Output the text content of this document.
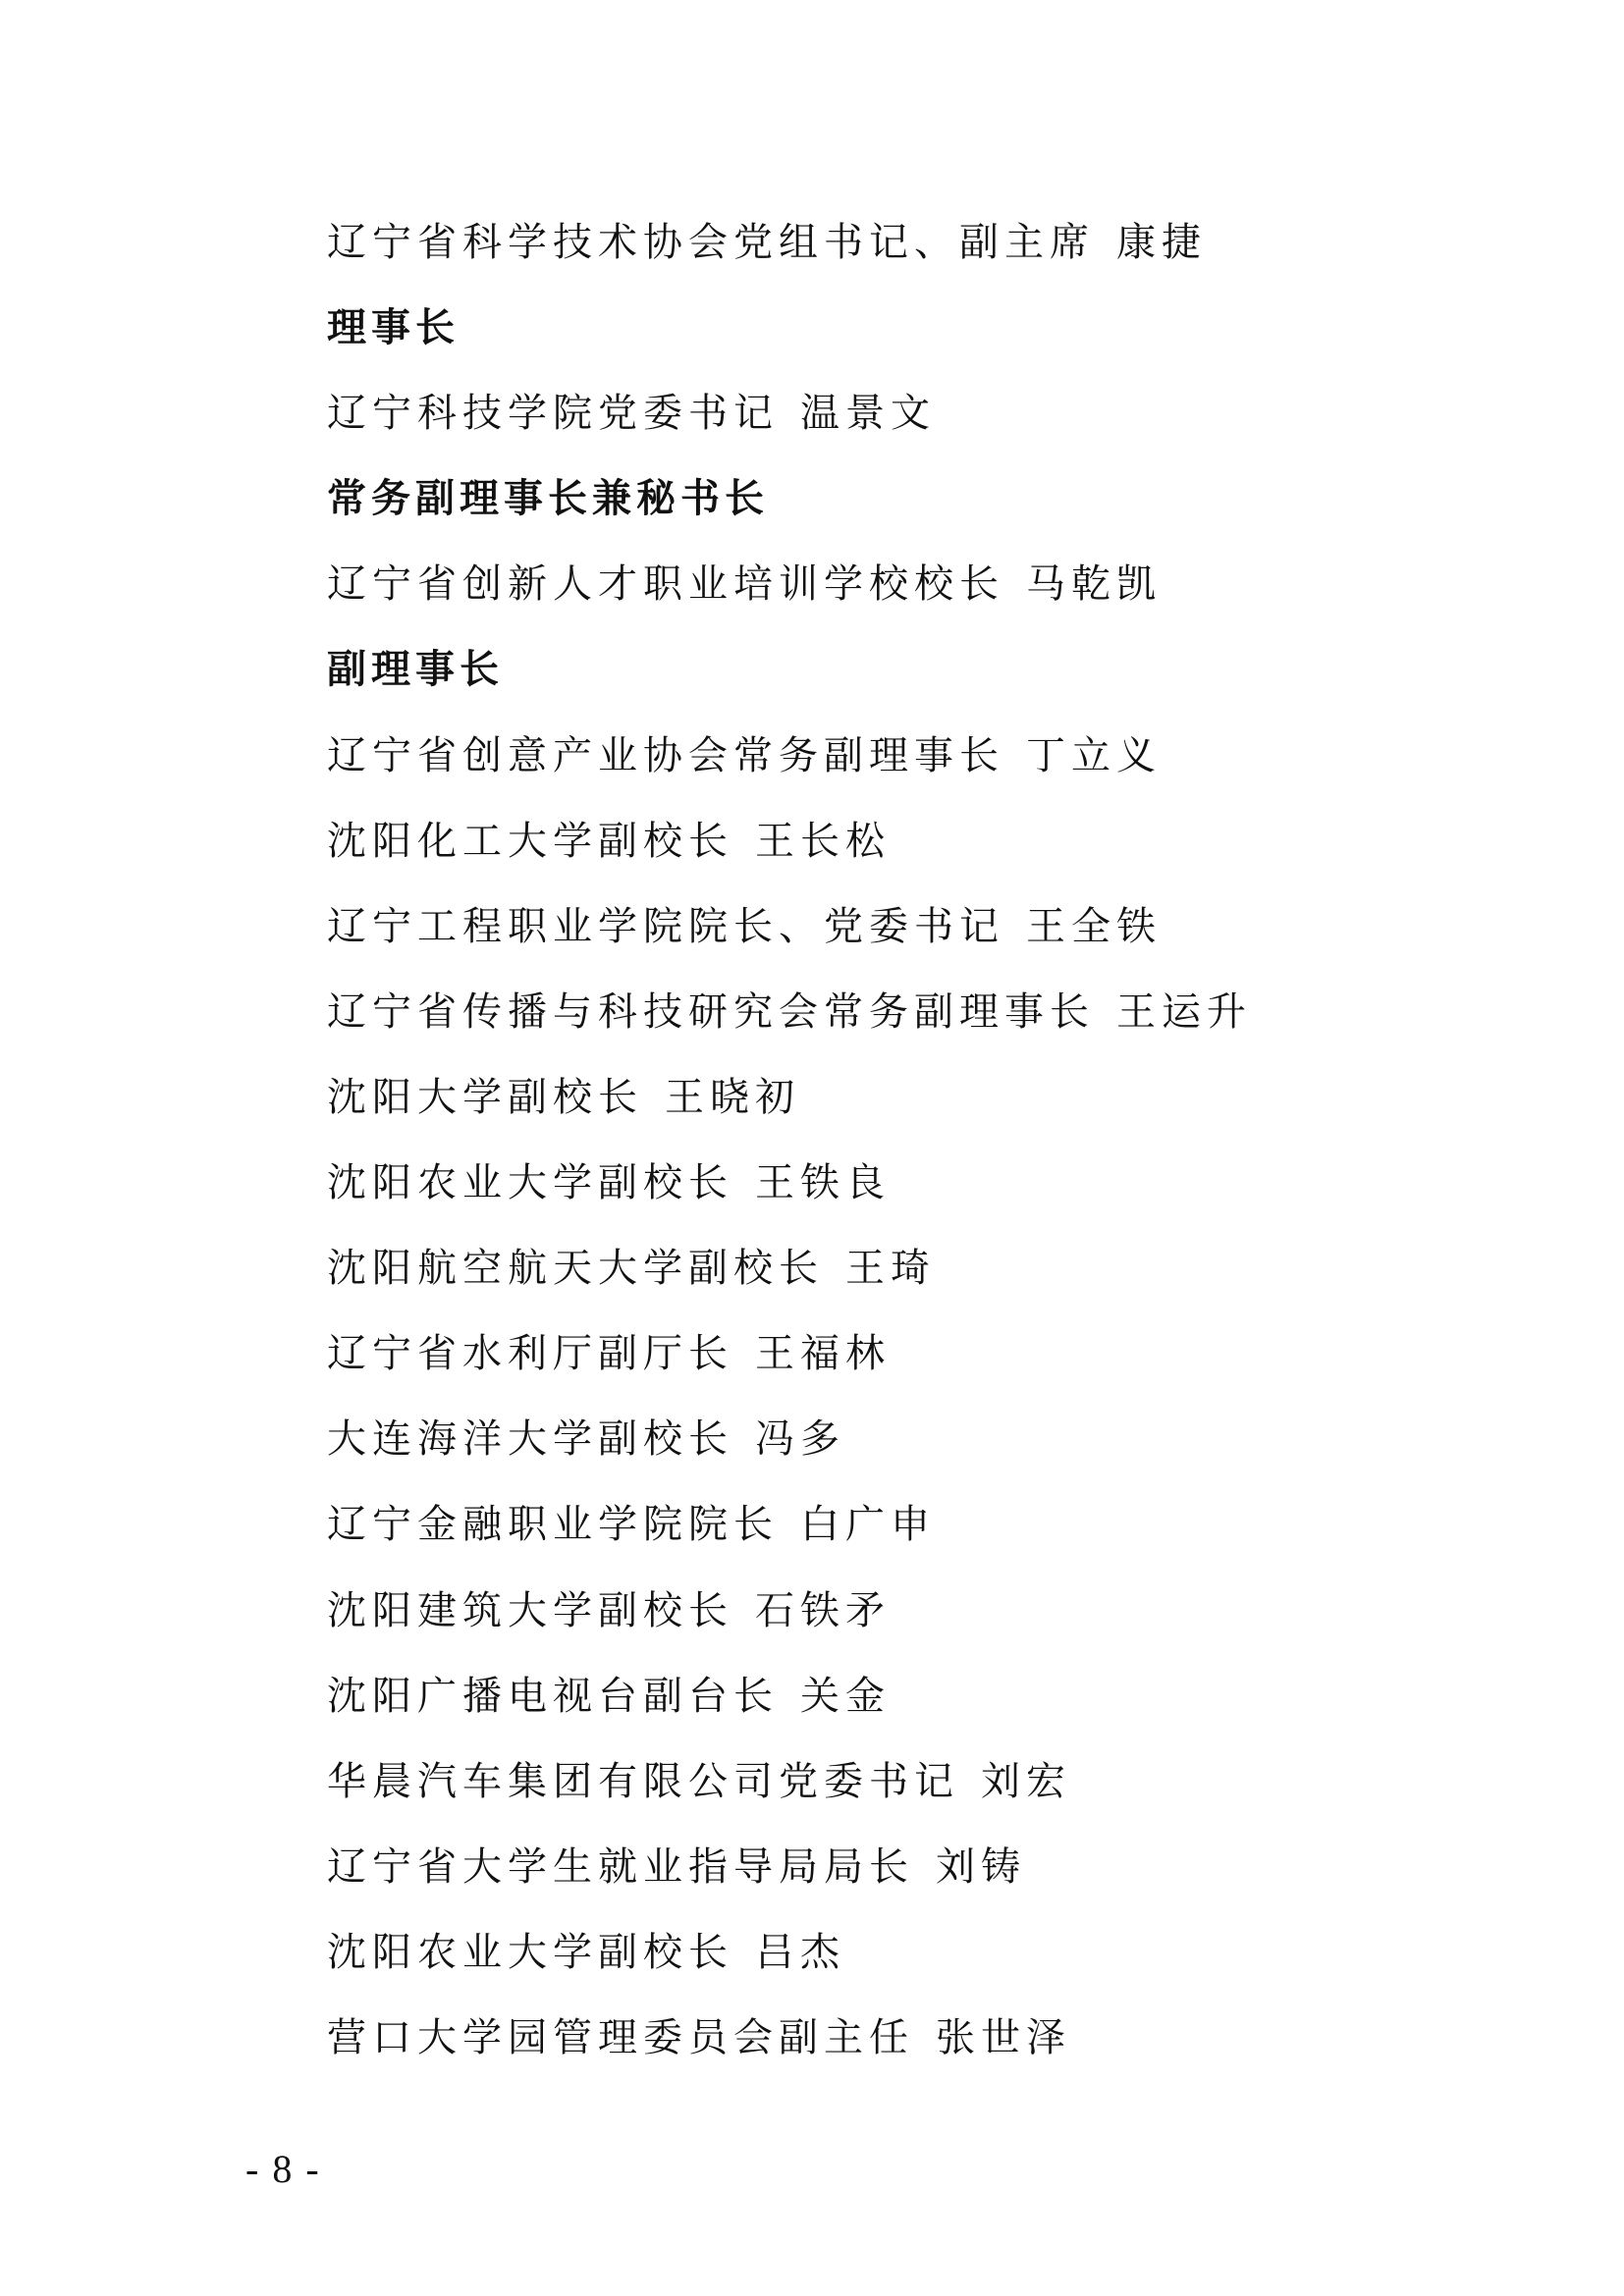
辽宁省科学技术协会党组书记、副主席 康捷
理事长
辽宁科技学院党委书记 温景文
常务副理事长兼秘书长
辽宁省创新人才职业培训学校校长 马乾凯
副理事长
辽宁省创意产业协会常务副理事长 丁立义
沈阳化工大学副校长 王长松
辽宁工程职业学院院长、党委书记 王全铁
辽宁省传播与科技研究会常务副理事长 王运升
沈阳大学副校长 王晓初
沈阳农业大学副校长 王铁良
沈阳航空航天大学副校长 王琦
辽宁省水利厅副厅长 王福林
大连海洋大学副校长 冯多
辽宁金融职业学院院长 白广申
沈阳建筑大学副校长 石铁矛
沈阳广播电视台副台长 关金
华晨汽车集团有限公司党委书记 刘宏
辽宁省大学生就业指导局局长 刘铸
沈阳农业大学副校长 吕杰
营口大学园管理委员会副主任 张世泽
- 8 -
